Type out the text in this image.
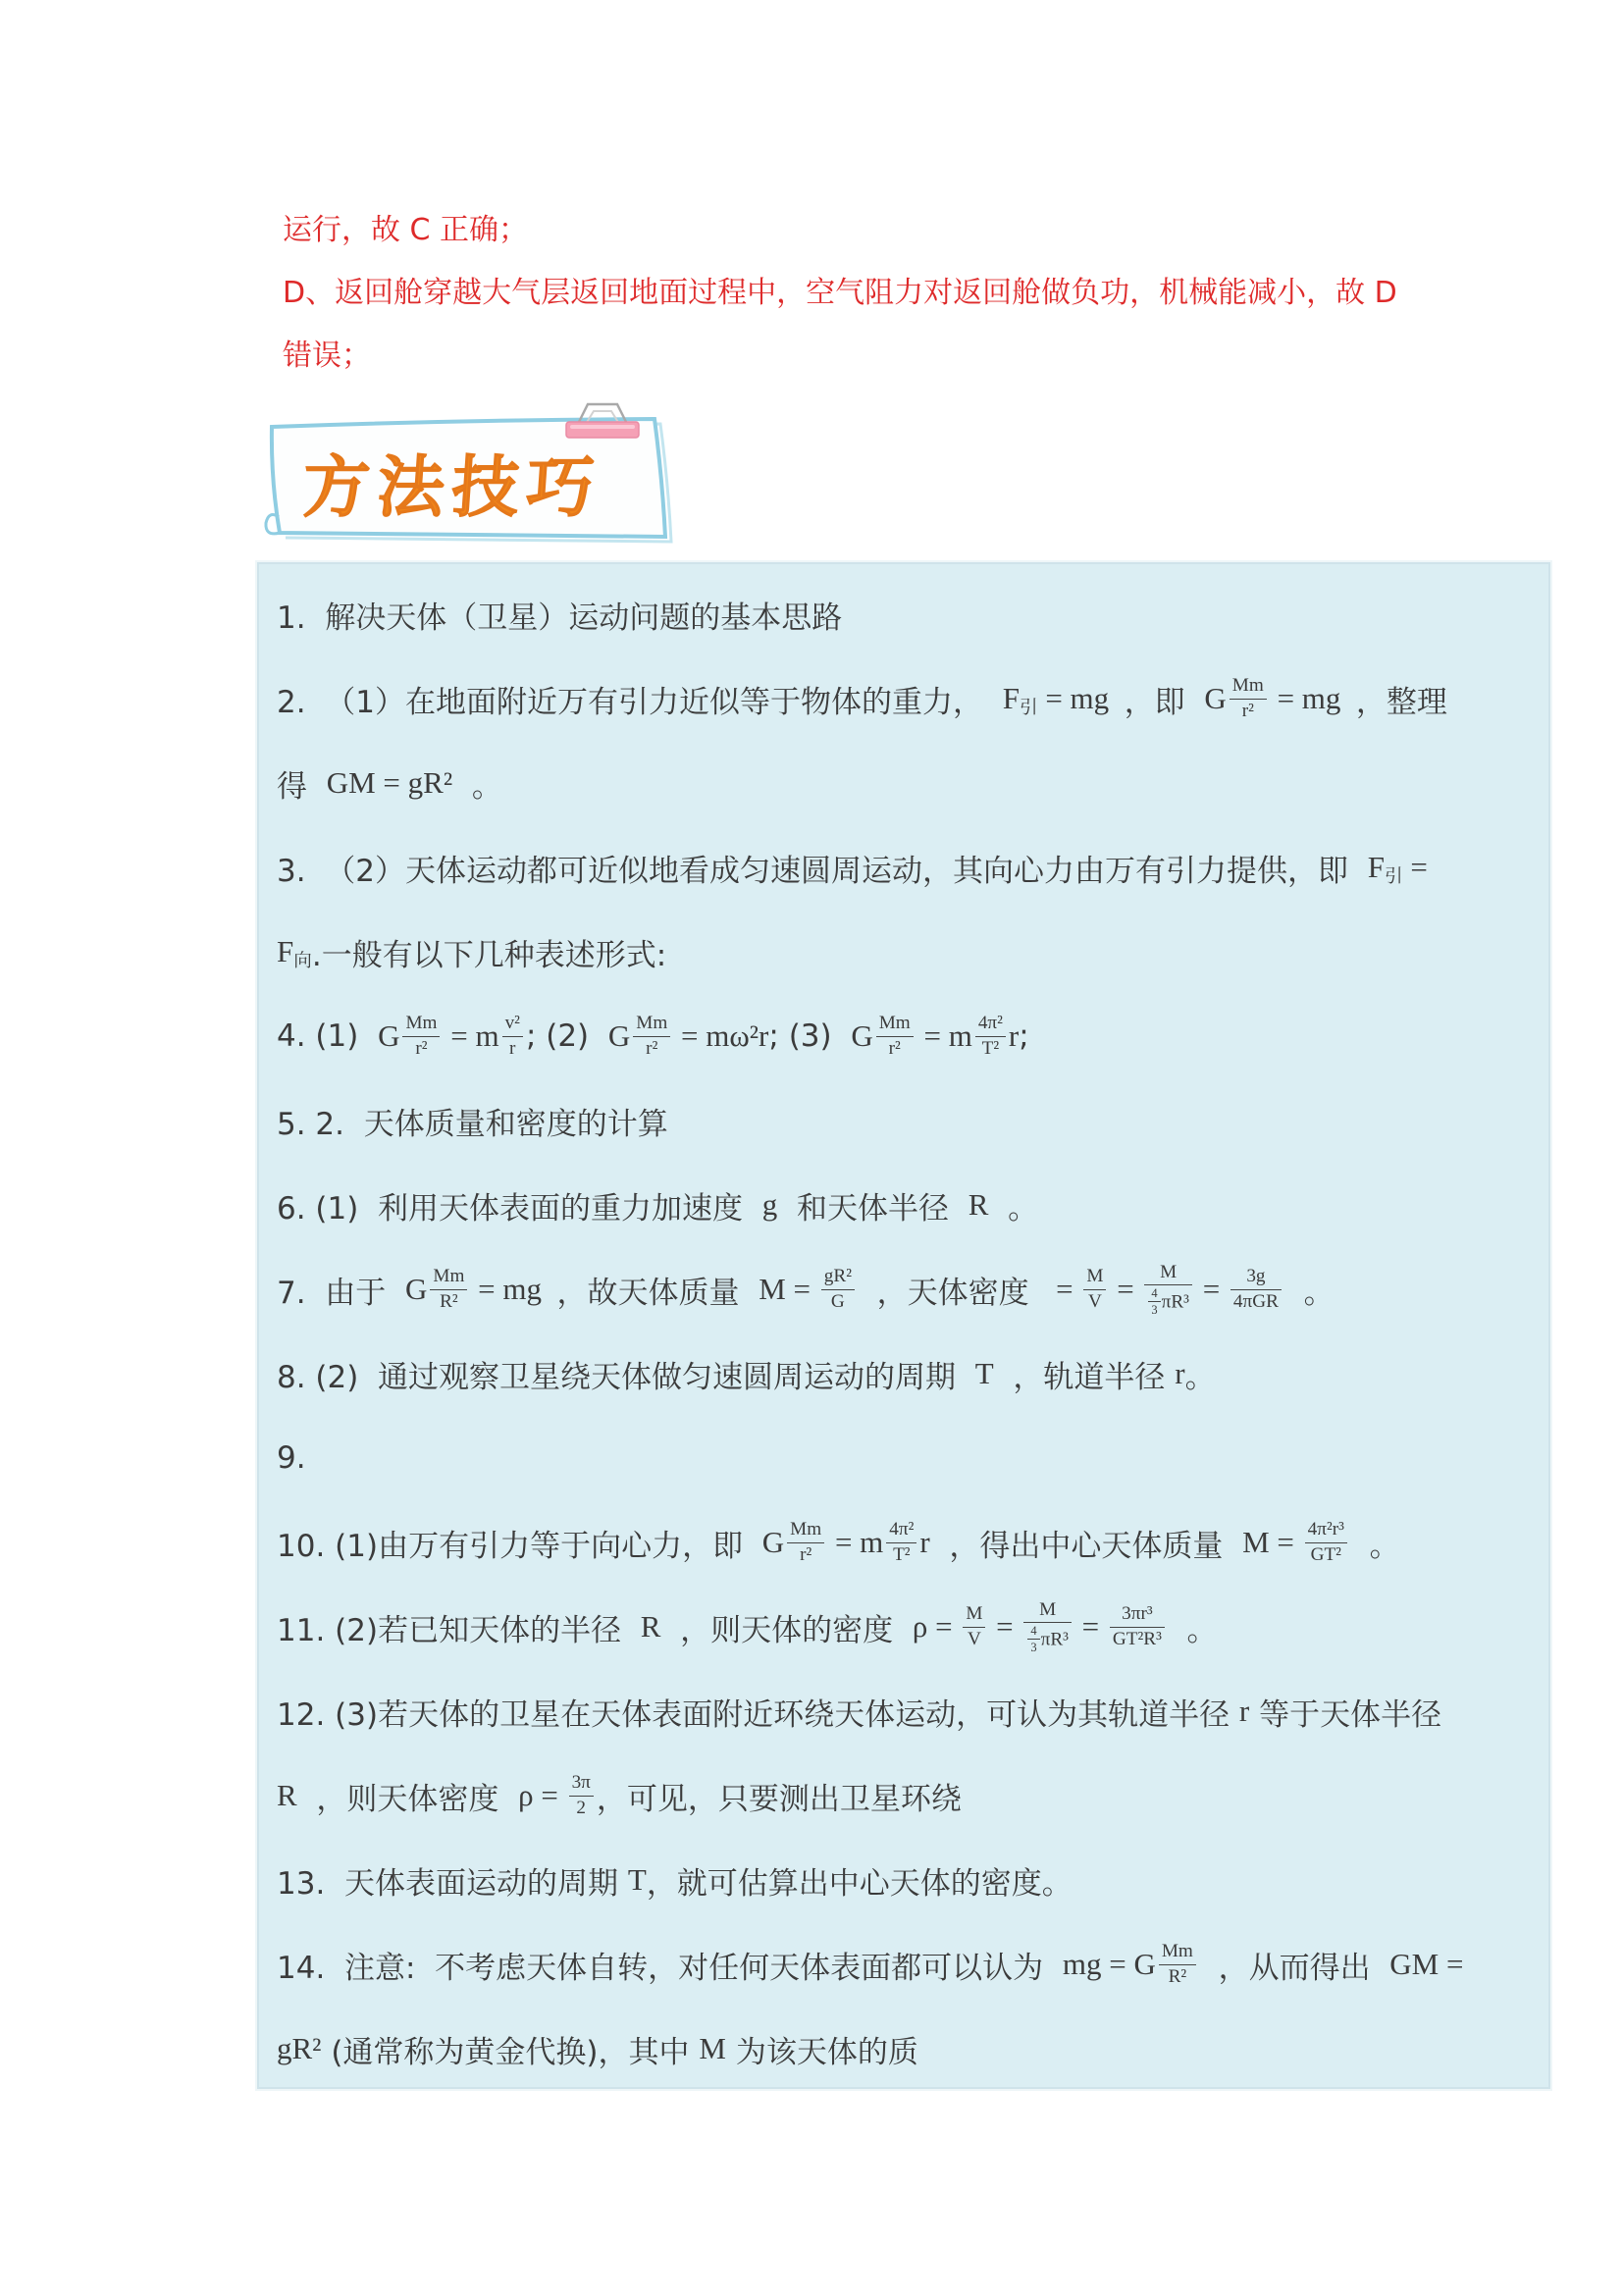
运行，故 C 正确；
D、返回舱穿越大气层返回地面过程中，空气阻力对返回舱做负功，机械能减小，故 D
错误；
方法技巧
1.  解决天体（卫星）运动问题的基本思路
2.  （1）在地面附近万有引力近似等于物体的重力， F 引 = mg ，即 G $\frac{Mm}{\text{r²}}$ = mg ，整理
得 GM = gR² 。
3.  （2）天体运动都可近似地看成匀速圆周运动，其向心力由万有引力提供，即 F 引 =
F 向 .一般有以下几种表述形式:
4. (1) G $\frac{Mm}{\text{r²}} = m \frac{\text{v²}}{r}$ ; (2) G $\frac{Mm}{\text{r²}} = m\omega^2r$ ; (3) G $\frac{Mm}{\text{r²}} = m \frac{\text{4π²}}{\text{T²}}$ r ;
5. 2.  天体质量和密度的计算
6. (1)  利用天体表面的重力加速度 g 和天体半径 R 。
7.  由于 G $\frac{Mm}{\text{R²}}$ = mg ，故天体质量 $M = \frac{\text{gR²}}{G}$ ，天体密度 = $\frac{M}{V} = \frac{M}{\frac{4}{3} \pi R^3} = \frac{3g}{\text{4πGR}}$ 。
8. (2)  通过观察卫星绕天体做匀速圆周运动的周期 T ，轨道半径 r 。
9.
10. (1)由万有引力等于向心力，即 G $\frac{Mm}{\text{r²}} = m \frac{\text{4π²}}{\text{T²}}$ r ，得出中心天体质量 $M = \frac{\text{4π²r³}}{\text{GT²}}$ 。
11. (2)若已知天体的半径 R ，则天体的密度 $\rho = \frac{M}{V} = \frac{M}{\frac{4}{3} \pi R^3} = \frac{\text{3πr³}}{\text{GT²R³}}$ 。
12. (3)若天体的卫星在天体表面附近环绕天体运动，可认为其轨道半径 r 等于天体半径
R ，则天体密度 $\rho = \frac{3\pi}{2}$ ，可见，只要测出卫星环绕
13.  天体表面运动的周期 T ，就可估算出中心天体的密度。
14.  注意:  不考虑天体自转，对任何天体表面都可以认为 mg = G $\frac{Mm}{\text{R²}}$ ，从而得出 GM =
gR² (通常称为黄金代换)，其中 M 为该天体的质
